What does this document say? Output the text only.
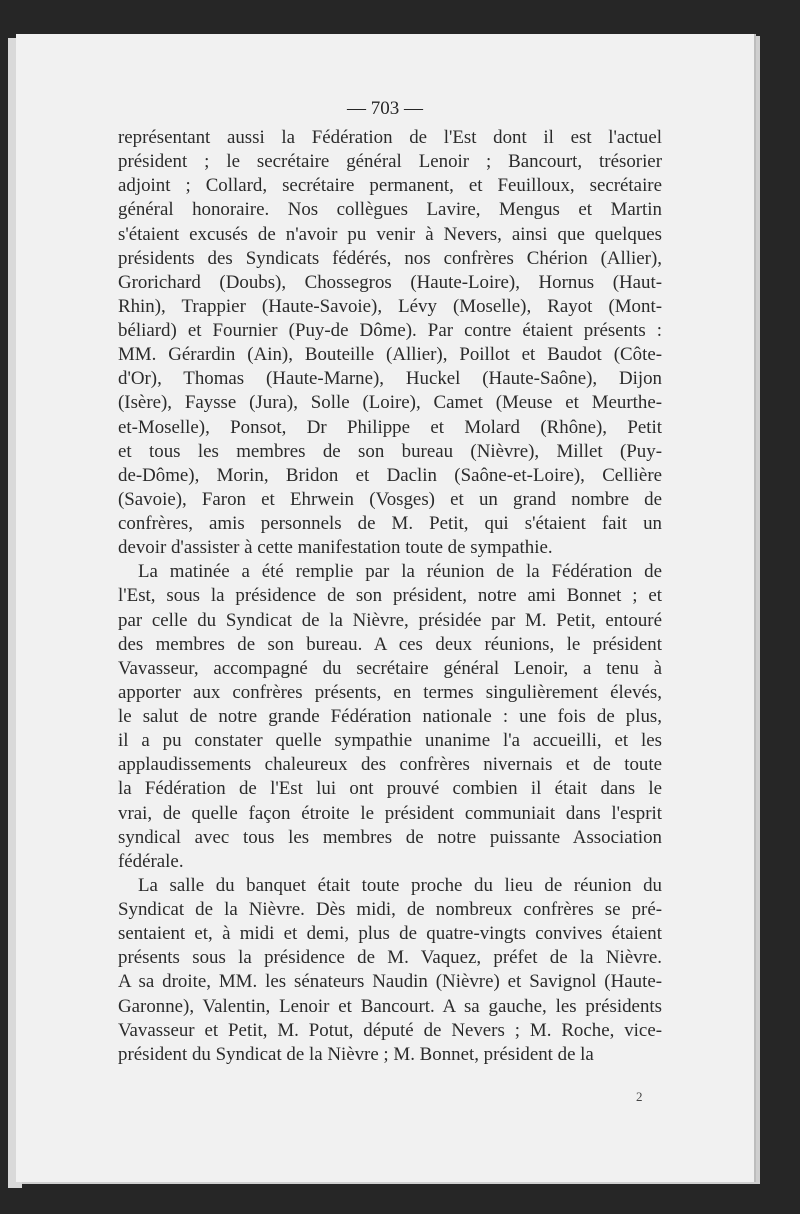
— 703 —
représentant aussi la Fédération de l'Est dont il est l'actuel
président ; le secrétaire général Lenoir ; Bancourt, trésorier
adjoint ; Collard, secrétaire permanent, et Feuilloux, secrétaire
général honoraire. Nos collègues Lavire, Mengus et Martin
s'étaient excusés de n'avoir pu venir à Nevers, ainsi que quelques
présidents des Syndicats fédérés, nos confrères Chérion (Allier),
Grorichard (Doubs), Chossegros (Haute-Loire), Hornus (Haut-
Rhin), Trappier (Haute-Savoie), Lévy (Moselle), Rayot (Mont-
béliard) et Fournier (Puy-de Dôme). Par contre étaient présents :
MM. Gérardin (Ain), Bouteille (Allier), Poillot et Baudot (Côte-
d'Or), Thomas (Haute-Marne), Huckel (Haute-Saône), Dijon
(Isère), Faysse (Jura), Solle (Loire), Camet (Meuse et Meurthe-
et-Moselle), Ponsot, Dr Philippe et Molard (Rhône), Petit
et tous les membres de son bureau (Nièvre), Millet (Puy-
de-Dôme), Morin, Bridon et Daclin (Saône-et-Loire), Cellière
(Savoie), Faron et Ehrwein (Vosges) et un grand nombre de
confrères, amis personnels de M. Petit, qui s'étaient fait un
devoir d'assister à cette manifestation toute de sympathie.
La matinée a été remplie par la réunion de la Fédération de
l'Est, sous la présidence de son président, notre ami Bonnet ; et
par celle du Syndicat de la Nièvre, présidée par M. Petit, entouré
des membres de son bureau. A ces deux réunions, le président
Vavasseur, accompagné du secrétaire général Lenoir, a tenu à
apporter aux confrères présents, en termes singulièrement élevés,
le salut de notre grande Fédération nationale : une fois de plus,
il a pu constater quelle sympathie unanime l'a accueilli, et les
applaudissements chaleureux des confrères nivernais et de toute
la Fédération de l'Est lui ont prouvé combien il était dans le
vrai, de quelle façon étroite le président communiait dans l'esprit
syndical avec tous les membres de notre puissante Association
fédérale.
La salle du banquet était toute proche du lieu de réunion du
Syndicat de la Nièvre. Dès midi, de nombreux confrères se pré-
sentaient et, à midi et demi, plus de quatre-vingts convives étaient
présents sous la présidence de M. Vaquez, préfet de la Nièvre.
A sa droite, MM. les sénateurs Naudin (Nièvre) et Savignol (Haute-
Garonne), Valentin, Lenoir et Bancourt. A sa gauche, les présidents
Vavasseur et Petit, M. Potut, député de Nevers ; M. Roche, vice-
président du Syndicat de la Nièvre ; M. Bonnet, président de la
2
